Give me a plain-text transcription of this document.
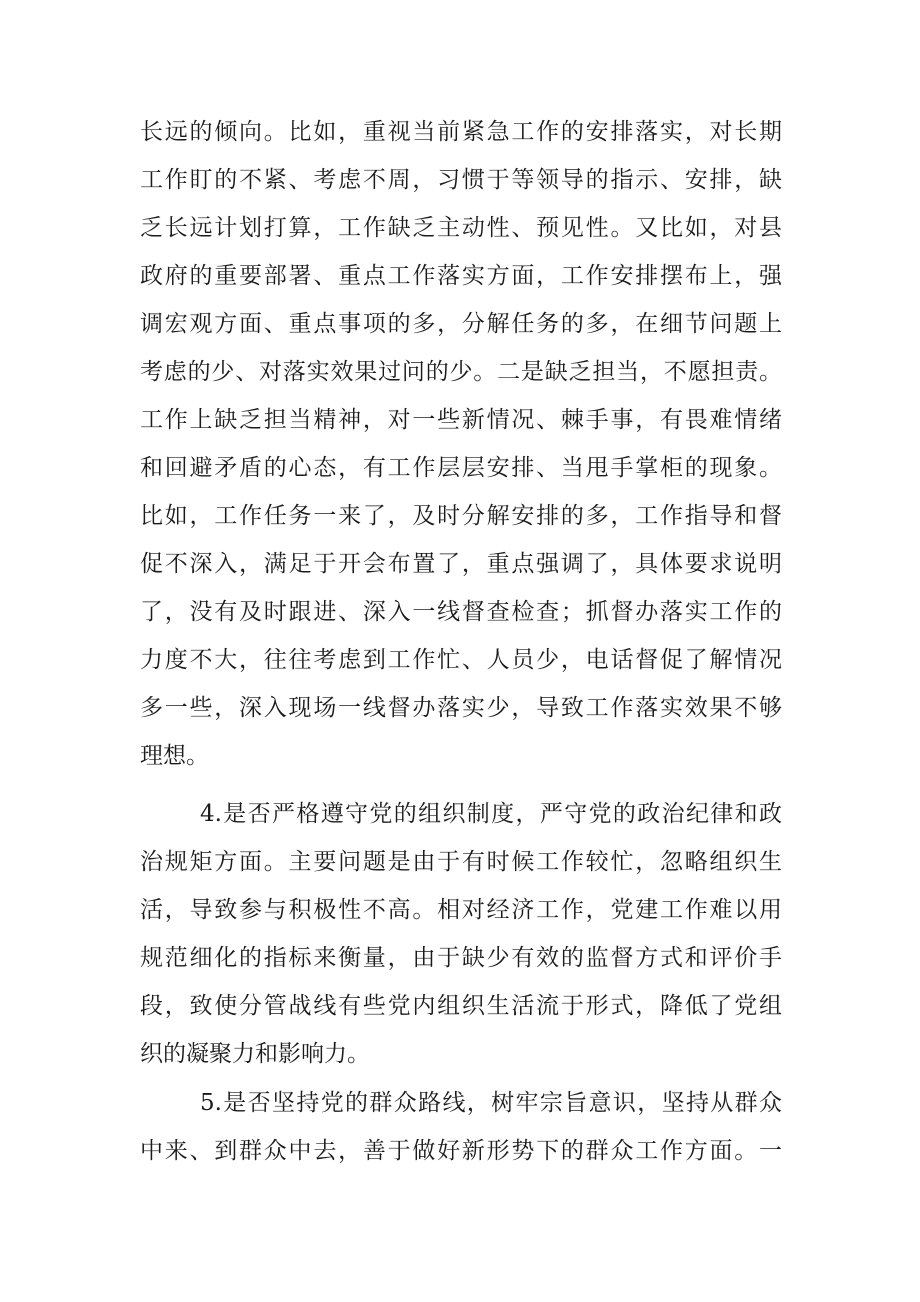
长远的倾向。比如，重视当前紧急工作的安排落实，对长期
工作盯的不紧、考虑不周，习惯于等领导的指示、安排，缺
乏长远计划打算，工作缺乏主动性、预见性。又比如，对县
政府的重要部署、重点工作落实方面，工作安排摆布上，强
调宏观方面、重点事项的多，分解任务的多，在细节问题上
考虑的少、对落实效果过问的少。二是缺乏担当，不愿担责。
工作上缺乏担当精神，对一些新情况、棘手事，有畏难情绪
和回避矛盾的心态，有工作层层安排、当甩手掌柜的现象。
比如，工作任务一来了，及时分解安排的多，工作指导和督
促不深入，满足于开会布置了，重点强调了，具体要求说明
了，没有及时跟进、深入一线督查检查；抓督办落实工作的
力度不大，往往考虑到工作忙、人员少，电话督促了解情况
多一些，深入现场一线督办落实少，导致工作落实效果不够
理想。
4.是否严格遵守党的组织制度，严守党的政治纪律和政
治规矩方面。主要问题是由于有时候工作较忙，忽略组织生
活，导致参与积极性不高。相对经济工作，党建工作难以用
规范细化的指标来衡量，由于缺少有效的监督方式和评价手
段，致使分管战线有些党内组织生活流于形式，降低了党组
织的凝聚力和影响力。
5.是否坚持党的群众路线，树牢宗旨意识，坚持从群众
中来、到群众中去，善于做好新形势下的群众工作方面。一
